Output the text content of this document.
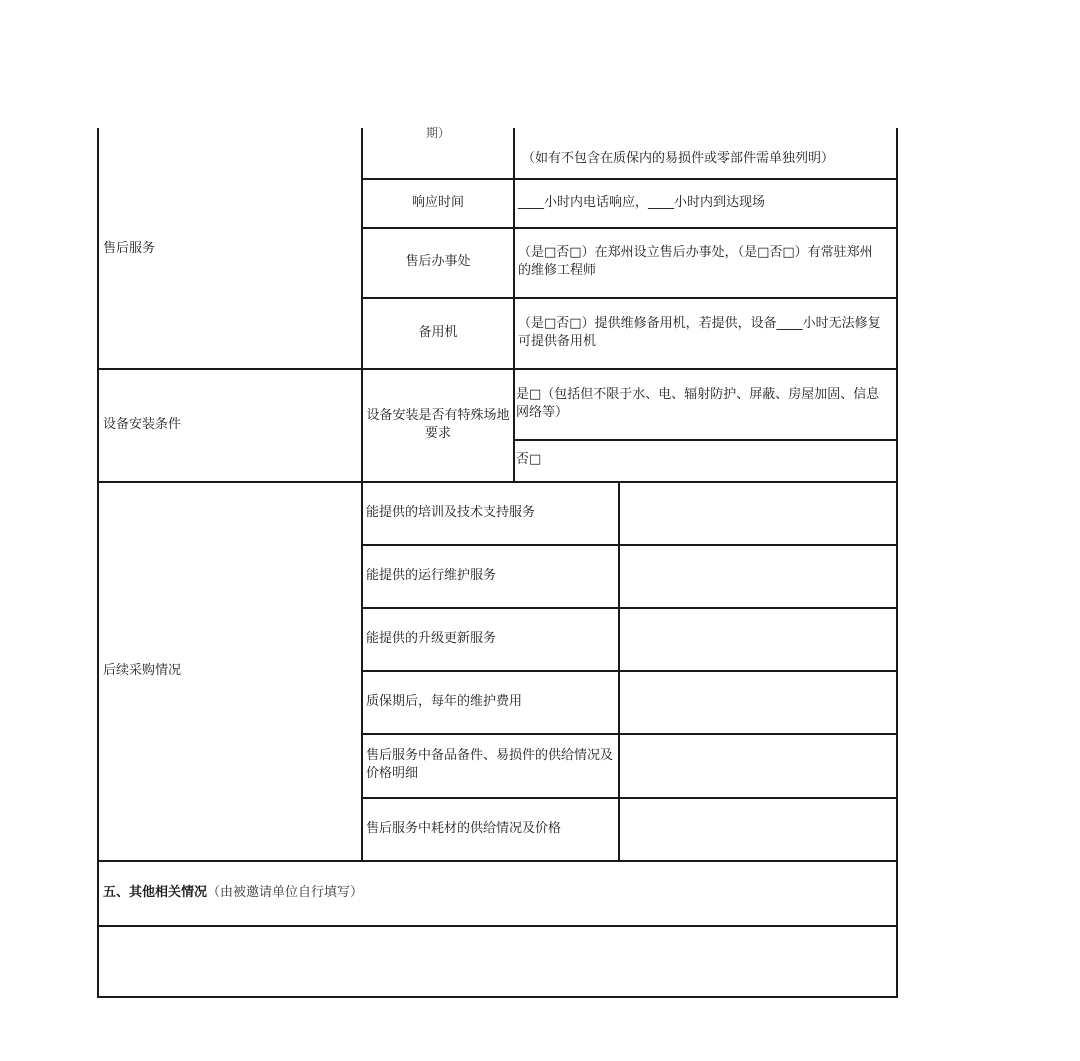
售后服务
期）
（如有不包含在质保内的易损件或零部件需单独列明）
响应时间	____小时内电话响应，____小时内到达现场
售后办事处
（是□否□）在郑州设立售后办事处，（是□否□）有常驻郑州的维修工程师
备用机
（是□否□）提供维修备用机，若提供，设备____小时无法修复可提供备用机
设备安装条件
设备安装是否有特殊场地要求
是□（包括但不限于水、电、辐射防护、屏蔽、房屋加固、信息网络等）
否□
后续采购情况
能提供的培训及技术支持服务
能提供的运行维护服务
能提供的升级更新服务
质保期后，每年的维护费用
售后服务中备品备件、易损件的供给情况及价格明细
售后服务中耗材的供给情况及价格
五、其他相关情况 （由被邀请单位自行填写）
